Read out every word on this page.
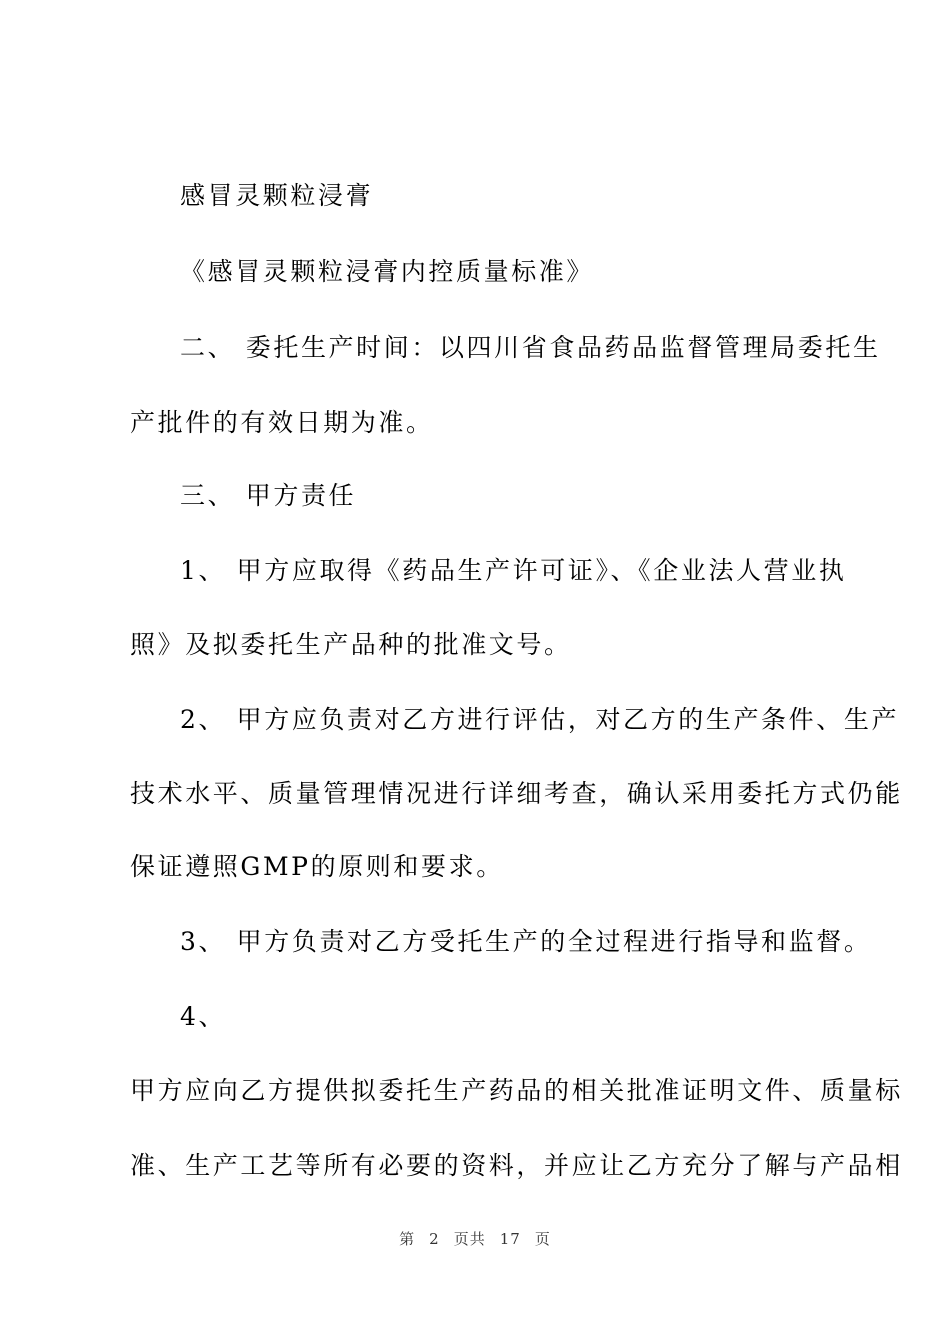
感冒灵颗粒浸膏
《感冒灵颗粒浸膏内控质量标准》
二、 委托生产时间：以四川省食品药品监督管理局委托生
产批件的有效日期为准。
三、 甲方责任
1、 甲方应取得《药品生产许可证》、《企业法人营业执
照》及拟委托生产品种的批准文号。
2、 甲方应负责对乙方进行评估，对乙方的生产条件、生产
技术水平、质量管理情况进行详细考查，确认采用委托方式仍能
保证遵照GMP的原则和要求。
3、 甲方负责对乙方受托生产的全过程进行指导和监督。
4、
甲方应向乙方提供拟委托生产药品的相关批准证明文件、质量标
准、生产工艺等所有必要的资料，并应让乙方充分了解与产品相
第 2 页共 17 页
